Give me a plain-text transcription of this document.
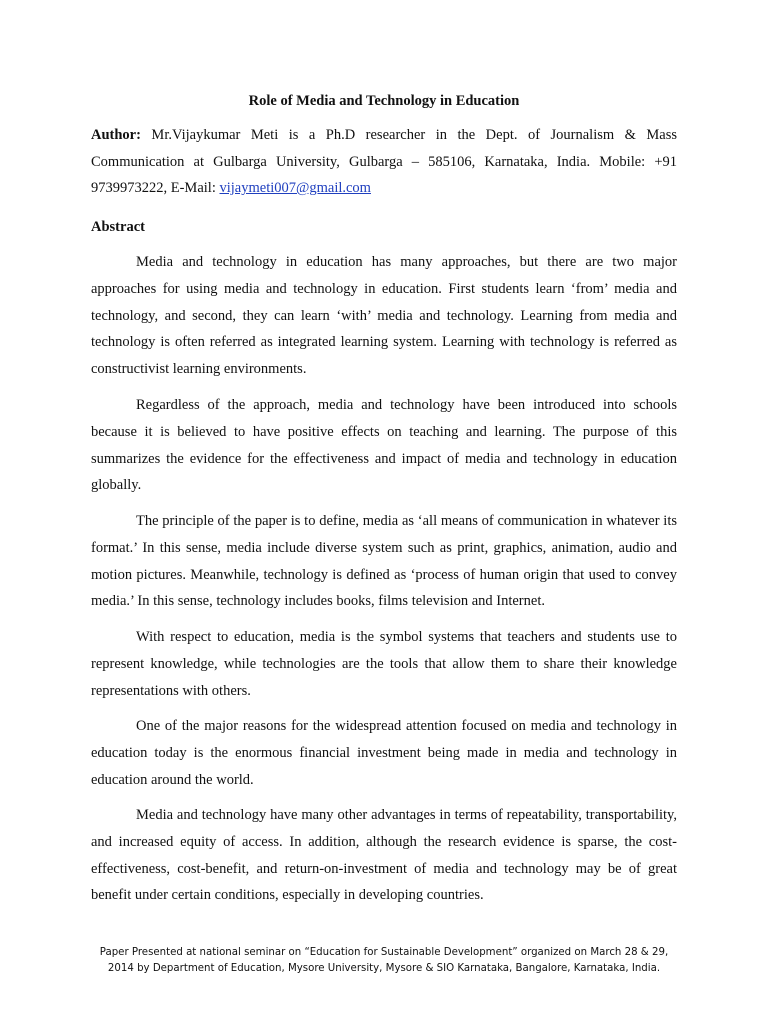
Role of Media and Technology in Education
Author: Mr.Vijaykumar Meti is a Ph.D researcher in the Dept. of Journalism & Mass Communication at Gulbarga University, Gulbarga – 585106, Karnataka, India. Mobile: +91 9739973222, E-Mail: vijaymeti007@gmail.com
Abstract

Media and technology in education has many approaches, but there are two major approaches for using media and technology in education. First students learn ‘from’ media and technology, and second, they can learn ‘with’ media and technology. Learning from media and technology is often referred as integrated learning system. Learning with technology is referred as constructivist learning environments.

Regardless of the approach, media and technology have been introduced into schools because it is believed to have positive effects on teaching and learning. The purpose of this summarizes the evidence for the effectiveness and impact of media and technology in education globally.

The principle of the paper is to define, media as ‘all means of communication in whatever its format.’ In this sense, media include diverse system such as print, graphics, animation, audio and motion pictures. Meanwhile, technology is defined as ‘process of human origin that used to convey media.’ In this sense, technology includes books, films television and Internet.

With respect to education, media is the symbol systems that teachers and students use to represent knowledge, while technologies are the tools that allow them to share their knowledge representations with others.

One of the major reasons for the widespread attention focused on media and technology in education today is the enormous financial investment being made in media and technology in education around the world.

Media and technology have many other advantages in terms of repeatability, transportability, and increased equity of access. In addition, although the research evidence is sparse, the cost-effectiveness, cost-benefit, and return-on-investment of media and technology may be of great benefit under certain conditions, especially in developing countries.

Paper Presented at national seminar on “Education for Sustainable Development” organized on March 28 & 29,
2014 by Department of Education, Mysore University, Mysore & SIO Karnataka, Bangalore, Karnataka, India.
